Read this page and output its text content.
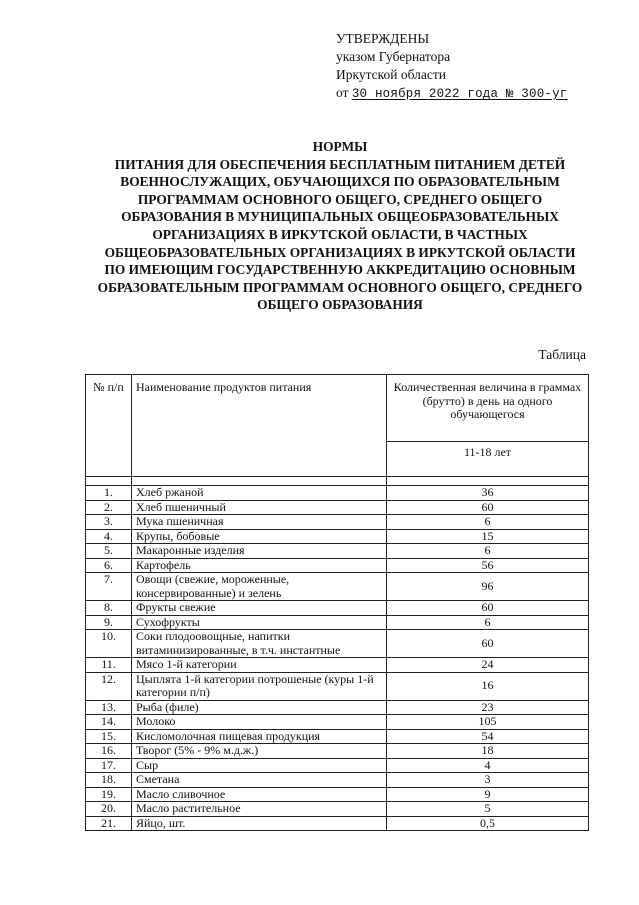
УТВЕРЖДЕНЫ
указом Губернатора
Иркутской области
от 30 ноября 2022 года № 300-уг
НОРМЫ
ПИТАНИЯ ДЛЯ ОБЕСПЕЧЕНИЯ БЕСПЛАТНЫМ ПИТАНИЕМ ДЕТЕЙ ВОЕННОСЛУЖАЩИХ, ОБУЧАЮЩИХСЯ ПО ОБРАЗОВАТЕЛЬНЫМ ПРОГРАММАМ ОСНОВНОГО ОБЩЕГО, СРЕДНЕГО ОБЩЕГО ОБРАЗОВАНИЯ В МУНИЦИПАЛЬНЫХ ОБЩЕОБРАЗОВАТЕЛЬНЫХ ОРГАНИЗАЦИЯХ В ИРКУТСКОЙ ОБЛАСТИ, В ЧАСТНЫХ ОБЩЕОБРАЗОВАТЕЛЬНЫХ ОРГАНИЗАЦИЯХ В ИРКУТСКОЙ ОБЛАСТИ ПО ИМЕЮЩИМ ГОСУДАРСТВЕННУЮ АККРЕДИТАЦИЮ ОСНОВНЫМ ОБРАЗОВАТЕЛЬНЫМ ПРОГРАММАМ ОСНОВНОГО ОБЩЕГО, СРЕДНЕГО ОБЩЕГО ОБРАЗОВАНИЯ
Таблица
№ п/п	Наименование продуктов питания	Количественная величина в граммах (брутто) в день на одного обучающегося
		11-18 лет

1.	Хлеб ржаной	36
2.	Хлеб пшеничный	60
3.	Мука пшеничная	6
4.	Крупы, бобовые	15
5.	Макаронные изделия	6
6.	Картофель	56
7.	Овощи (свежие, мороженные, консервированные) и зелень	96
8.	Фрукты свежие	60
9.	Сухофрукты	6
10.	Соки плодоовощные, напитки витаминизированные, в т.ч. инстантные	60
11.	Мясо 1-й категории	24
12.	Цыплята 1-й категории потрошеные (куры 1-й категории п/п)	16
13.	Рыба (филе)	23
14.	Молоко	105
15.	Кисломолочная пищевая продукция	54
16.	Творог (5% - 9% м.д.ж.)	18
17.	Сыр	4
18.	Сметана	3
19.	Масло сливочное	9
20.	Масло растительное	5
21.	Яйцо, шт.	0,5
